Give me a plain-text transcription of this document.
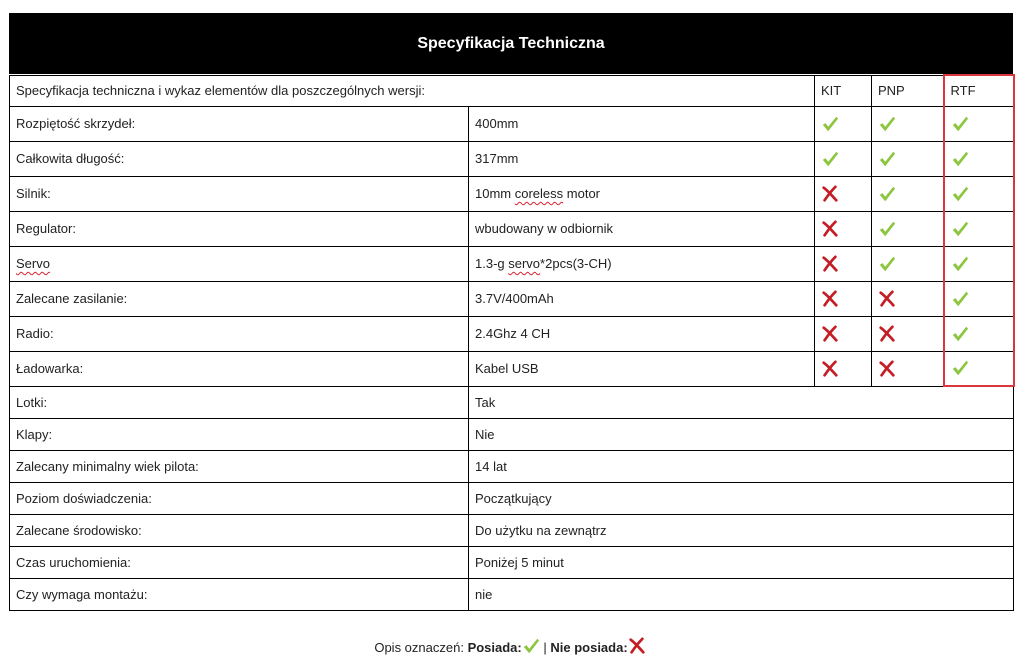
Specyfikacja Techniczna
Specyfikacja techniczna i wykaz elementów dla poszczególnych wersji:		KIT	PNP	RTF
Rozpiętość skrzydeł:	400mm			
Całkowita długość:	317mm			
Silnik:	10mm coreless motor			
Regulator:	wbudowany w odbiornik			
Servo	1.3-g servo*2pcs(3-CH)			
Zalecane zasilanie:	3.7V/400mAh			
Radio:	2.4Ghz 4 CH			
Ładowarka:	Kabel USB			
Lotki:	Tak			
Klapy:	Nie			
Zalecany minimalny wiek pilota:	14 lat			
Poziom doświadczenia:	Początkujący			
Zalecane środowisko:	Do użytku na zewnątrz			
Czas uruchomienia:	Poniżej 5 minut			
Czy wymaga montażu:	nie			
Opis oznaczeń: Posiada: | Nie posiada:
